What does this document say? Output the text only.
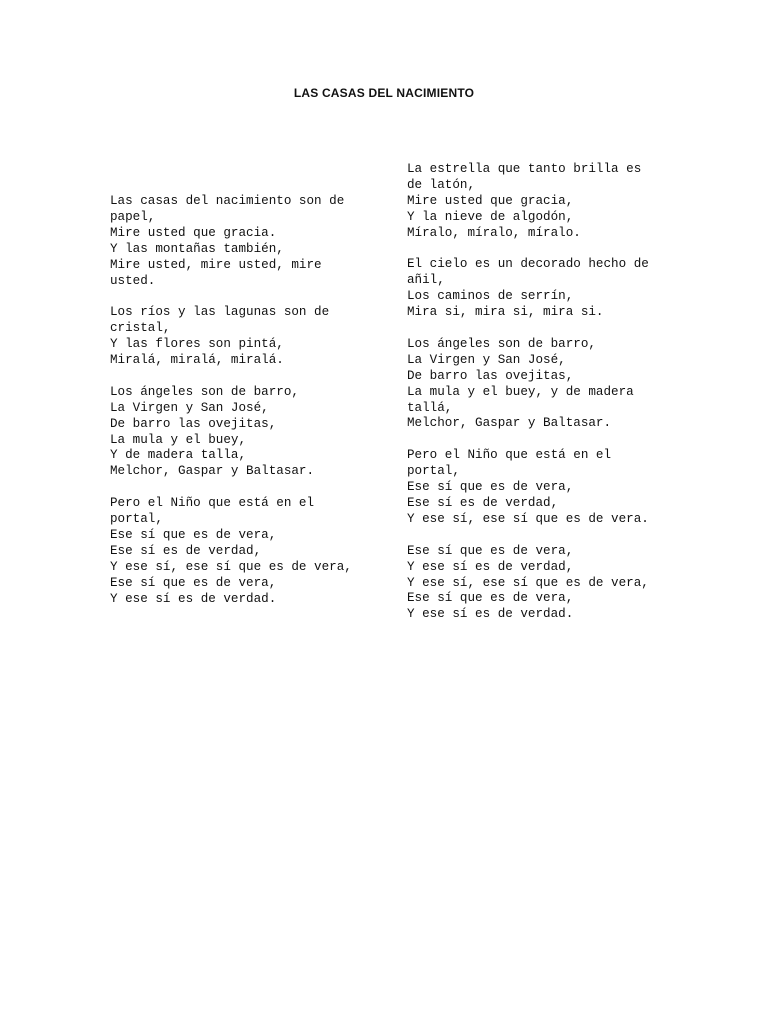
LAS CASAS DEL NACIMIENTO
Las casas del nacimiento son de
papel,
Mire usted que gracia.
Y las montañas también,
Mire usted, mire usted, mire
usted.
Los ríos y las lagunas son de
cristal,
Y las flores son pintá,
Miralá, miralá, miralá.
Los ángeles son de barro,
La Virgen y San José,
De barro las ovejitas,
La mula y el buey,
Y de madera talla,
Melchor, Gaspar y Baltasar.
Pero el Niño que está en el
portal,
Ese sí que es de vera,
Ese sí es de verdad,
Y ese sí, ese sí que es de vera,
Ese sí que es de vera,
Y ese sí es de verdad.
La estrella que tanto brilla es
de latón,
Mire usted que gracia,
Y la nieve de algodón,
Míralo, míralo, míralo.
El cielo es un decorado hecho de
añil,
Los caminos de serrín,
Mira si, mira si, mira si.
Los ángeles son de barro,
La Virgen y San José,
De barro las ovejitas,
La mula y el buey, y de madera
tallá,
Melchor, Gaspar y Baltasar.
Pero el Niño que está en el
portal,
Ese sí que es de vera,
Ese sí es de verdad,
Y ese sí, ese sí que es de vera.
Ese sí que es de vera,
Y ese sí es de verdad,
Y ese sí, ese sí que es de vera,
Ese sí que es de vera,
Y ese sí es de verdad.
